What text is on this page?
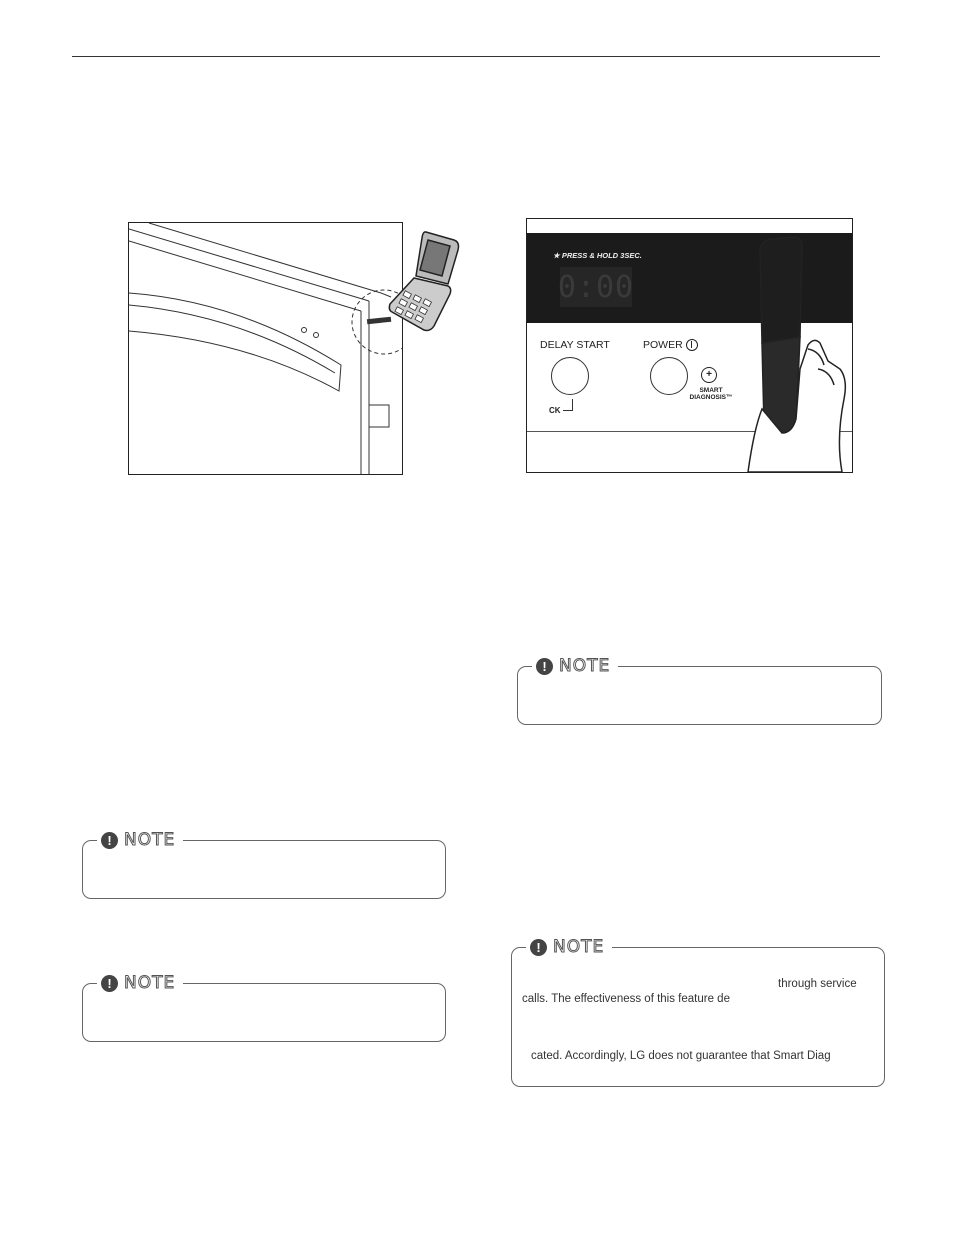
★ PRESS & HOLD 3SEC.
0:00
DELAY START
CK
POWER
+
SMART
DIAGNOSIS™
! NOTE
! NOTE
! NOTE
! NOTE
through service
calls. The effectiveness of this feature de
cated. Accordingly, LG does not guarantee that Smart Diag
